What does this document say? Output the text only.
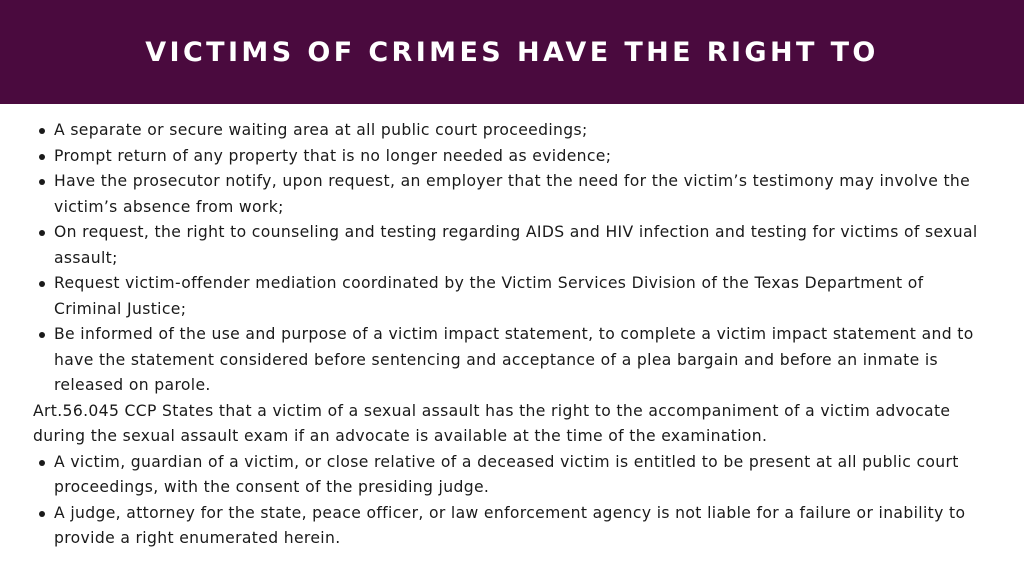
VICTIMS OF CRIMES HAVE THE RIGHT TO
A separate or secure waiting area at all public court proceedings;
Prompt return of any property that is no longer needed as evidence;
Have the prosecutor notify, upon request, an employer that the need for the victim’s testimony may involve the victim’s absence from work;
On request, the right to counseling and testing regarding AIDS and HIV infection and testing for victims of sexual assault;
Request victim-offender mediation coordinated by the Victim Services Division of the Texas Department of Criminal Justice;
Be informed of the use and purpose of a victim impact statement, to complete a victim impact statement and to have the statement considered before sentencing and acceptance of a plea bargain and before an inmate is released on parole.

Art.56.045 CCP States that a victim of a sexual assault has the right to the accompaniment of a victim advocate during the sexual assault exam if an advocate is available at the time of the examination.

A victim, guardian of a victim, or close relative of a deceased victim is entitled to be present at all public court proceedings, with the consent of the presiding judge.
A judge, attorney for the state, peace officer, or law enforcement agency is not liable for a failure or inability to provide a right enumerated herein.
